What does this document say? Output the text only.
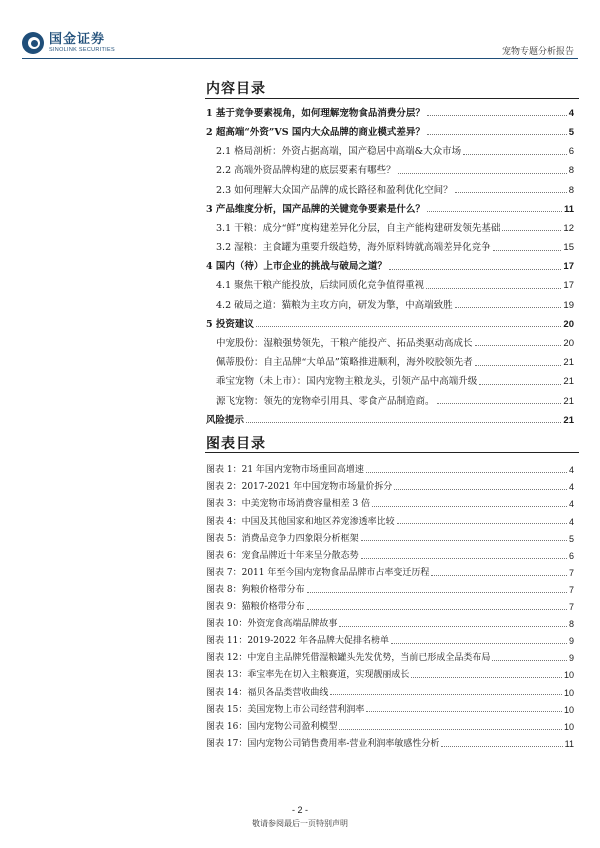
国金证券
SINOLINK SECURITIES	宠物专题分析报告
内容目录
1 基于竞争要素视角，如何理解宠物食品消费分层？	4
2 超高端“外资”VS 国内大众品牌的商业模式差异？	5
2.1 格局剖析：外资占据高端，国产稳居中高端&大众市场	6
2.2 高端外资品牌构建的底层要素有哪些？	8
2.3 如何理解大众国产品牌的成长路径和盈利优化空间？	8
3 产品维度分析，国产品牌的关键竞争要素是什么？	11
3.1 干粮：成分“鲜”度构建差异化分层，自主产能构建研发领先基础	12
3.2 湿粮：主食罐为重要升级趋势，海外原料铸就高端差异化竞争	15
4 国内（待）上市企业的挑战与破局之道？	17
4.1 聚焦干粮产能投放，后续同质化竞争值得重视	17
4.2 破局之道：猫粮为主攻方向，研发为擎，中高端致胜	19
5 投资建议	20
中宠股份：湿粮强势领先，干粮产能投产、拓品类驱动高成长	20
佩蒂股份：自主品牌“大单品”策略推进顺利，海外咬胶领先者	21
乖宝宠物（未上市）：国内宠物主粮龙头，引领产品中高端升级	21
源飞宠物：领先的宠物牵引用具、零食产品制造商。	21
风险提示	21
图表目录
图表 1：21 年国内宠物市场重回高增速	4
图表 2：2017-2021 年中国宠物市场量价拆分	4
图表 3：中美宠物市场消费容量相差 3 倍	4
图表 4：中国及其他国家和地区养宠渗透率比较	4
图表 5：消费品竞争力四象限分析框架	5
图表 6：宠食品牌近十年来呈分散态势	6
图表 7：2011 年至今国内宠物食品品牌市占率变迁历程	7
图表 8：狗粮价格带分布	7
图表 9：猫粮价格带分布	7
图表 10：外资宠食高端品牌故事	8
图表 11：2019-2022 年各品牌大促排名榜单	9
图表 12：中宠自主品牌凭借湿粮罐头先发优势，当前已形成全品类布局	9
图表 13：乖宝率先在切入主粮赛道，实现靓丽成长	10
图表 14：福贝各品类营收曲线	10
图表 15：美国宠物上市公司经营利润率	10
图表 16：国内宠物公司盈利模型	10
图表 17：国内宠物公司销售费用率-营业利润率敏感性分析	11
- 2 -
敬请参阅最后一页特别声明
